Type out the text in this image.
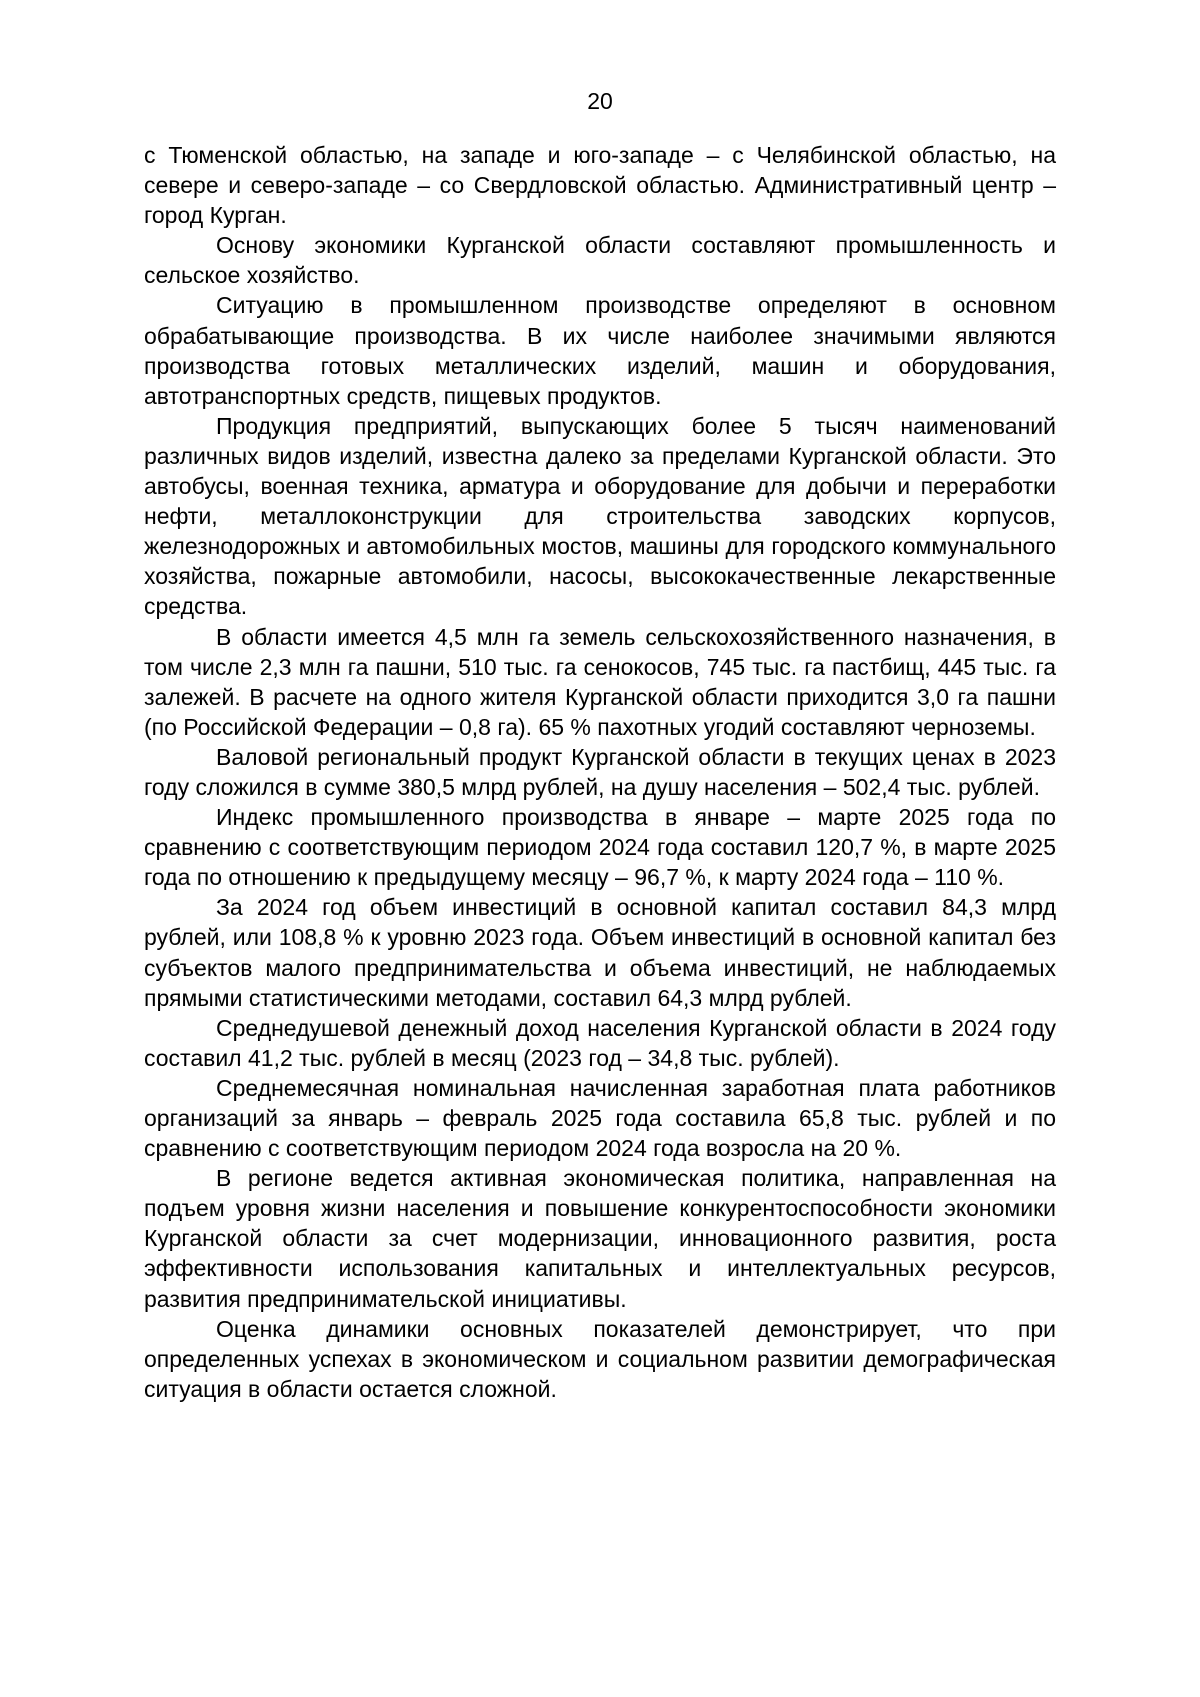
20

с Тюменской областью, на западе и юго-западе – с Челябинской областью, на севере и северо-западе – со Свердловской областью. Административный центр – город Курган.

Основу экономики Курганской области составляют промышленность и сельское хозяйство.

Ситуацию в промышленном производстве определяют в основном обрабатывающие производства. В их числе наиболее значимыми являются производства готовых металлических изделий, машин и оборудования, автотранспортных средств, пищевых продуктов.

Продукция предприятий, выпускающих более 5 тысяч наименований различных видов изделий, известна далеко за пределами Курганской области. Это автобусы, военная техника, арматура и оборудование для добычи и переработки нефти, металлоконструкции для строительства заводских корпусов, железнодорожных и автомобильных мостов, машины для городского коммунального хозяйства, пожарные автомобили, насосы, высококачественные лекарственные средства.

В области имеется 4,5 млн га земель сельскохозяйственного назначения, в том числе 2,3 млн га пашни, 510 тыс. га сенокосов, 745 тыс. га пастбищ, 445 тыс. га залежей. В расчете на одного жителя Курганской области приходится 3,0 га пашни (по Российской Федерации – 0,8 га). 65 % пахотных угодий составляют черноземы.

Валовой региональный продукт Курганской области в текущих ценах в 2023 году сложился в сумме 380,5 млрд рублей, на душу населения – 502,4 тыс. рублей.

Индекс промышленного производства в январе – марте 2025 года по сравнению с соответствующим периодом 2024 года составил 120,7 %, в марте 2025 года по отношению к предыдущему месяцу – 96,7 %, к марту 2024 года – 110 %.

За 2024 год объем инвестиций в основной капитал составил 84,3 млрд рублей, или 108,8 % к уровню 2023 года. Объем инвестиций в основной капитал без субъектов малого предпринимательства и объема инвестиций, не наблюдаемых прямыми статистическими методами, составил 64,3 млрд рублей.

Среднедушевой денежный доход населения Курганской области в 2024 году составил 41,2 тыс. рублей в месяц (2023 год – 34,8 тыс. рублей).

Среднемесячная номинальная начисленная заработная плата работников организаций за январь – февраль 2025 года составила 65,8 тыс. рублей и по сравнению с соответствующим периодом 2024 года возросла на 20 %.

В регионе ведется активная экономическая политика, направленная на подъем уровня жизни населения и повышение конкурентоспособности экономики Курганской области за счет модернизации, инновационного развития, роста эффективности использования капитальных и интеллектуальных ресурсов, развития предпринимательской инициативы.

Оценка динамики основных показателей демонстрирует, что при определенных успехах в экономическом и социальном развитии демографическая ситуация в области остается сложной.
